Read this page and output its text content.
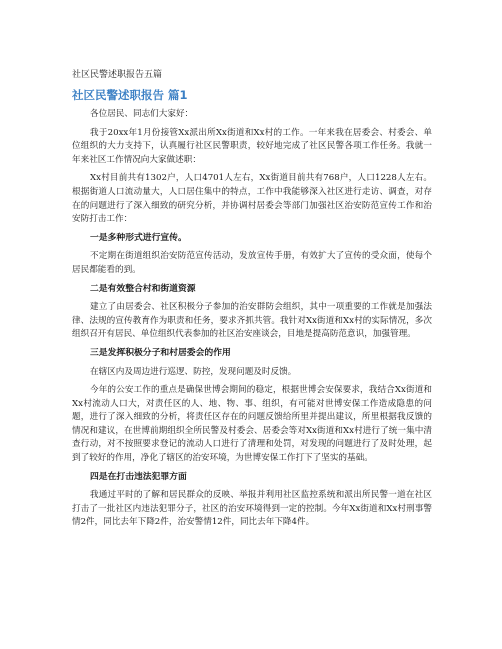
社区民警述职报告五篇
社区民警述职报告 篇1

各位居民、同志们大家好：

我于20xx年1月份接管Xx派出所Xx街道和Xx村的工作。一年来我在居委会、村委会、单位组织的大力支持下，认真履行社区民警职责，较好地完成了社区民警各项工作任务。我就一年来社区工作情况向大家做述职：

Xx村目前共有1302户，人口4701人左右，Xx街道目前共有768户，人口1228人左右。根据街道人口流动量大，人口居住集中的特点，工作中我能够深入社区进行走访、调查，对存在的问题进行了深入细致的研究分析，并协调村居委会等部门加强社区治安防范宣传工作和治安防打击工作：

一是多种形式进行宣传。

不定期在街道组织治安防范宣传活动，发放宣传手册，有效扩大了宣传的受众面，使每个居民都能看的到。

二是有效整合村和街道资源

建立了由居委会、社区积极分子参加的治安群防会组织，其中一项重要的工作就是加强法律、法规的宣传教育作为职责和任务，要求齐抓共管。我针对Xx街道和Xx村的实际情况，多次组织召开有居民、单位组织代表参加的社区治安座谈会，目地是提高防范意识，加强管理。

三是发挥积极分子和村居委会的作用

在辖区内及周边进行巡逻、防控，发现问题及时反馈。

今年的公安工作的重点是确保世博会期间的稳定，根据世博会安保要求，我结合Xx街道和Xx村流动人口大，对责任区的人、地、物、事、组织，有可能对世博安保工作造成隐患的问题，进行了深入细致的分析，将责任区存在的问题反馈给所里并提出建议，所里根据我反馈的情况和建议，在世博前期组织全所民警及村委会、居委会等对Xx街道和Xx村进行了统一集中清查行动，对不按照要求登记的流动人口进行了清理和处罚，对发现的问题进行了及时处理，起到了较好的作用，净化了辖区的治安环境，为世博安保工作打下了坚实的基础。

四是在打击违法犯罪方面

我通过平时的了解和居民群众的反映、举报并利用社区监控系统和派出所民警一道在社区打击了一批社区内违法犯罪分子，社区的治安环境得到一定的控制。今年Xx街道和Xx村刑事警情2件，同比去年下降2件，治安警情12件，同比去年下降4件。
